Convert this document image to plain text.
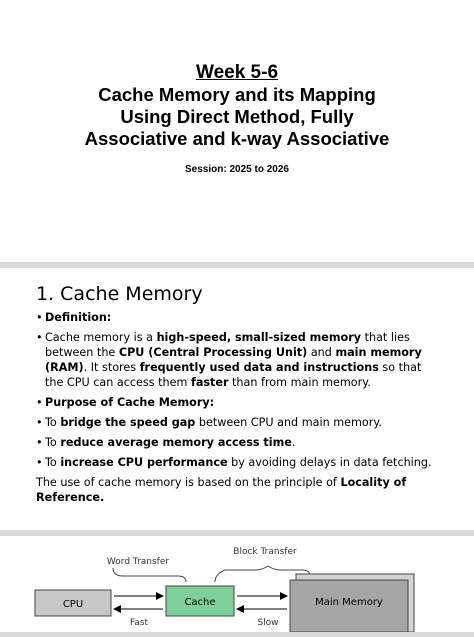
Week 5-6
Cache Memory and its Mapping
Using Direct Method, Fully
Associative and k-way Associative
Session: 2025 to 2026
1. Cache Memory
• Definition:
• Cache memory is a high-speed, small-sized memory that lies between the CPU (Central Processing Unit) and main memory (RAM). It stores frequently used data and instructions so that the CPU can access them faster than from main memory.
• Purpose of Cache Memory:
• To bridge the speed gap between CPU and main memory.
• To reduce average memory access time.
• To increase CPU performance by avoiding delays in data fetching.
The use of cache memory is based on the principle of Locality of Reference.
Word Transfer
Block Transfer
CPU	Cache	Main Memory
Fast	Slow
